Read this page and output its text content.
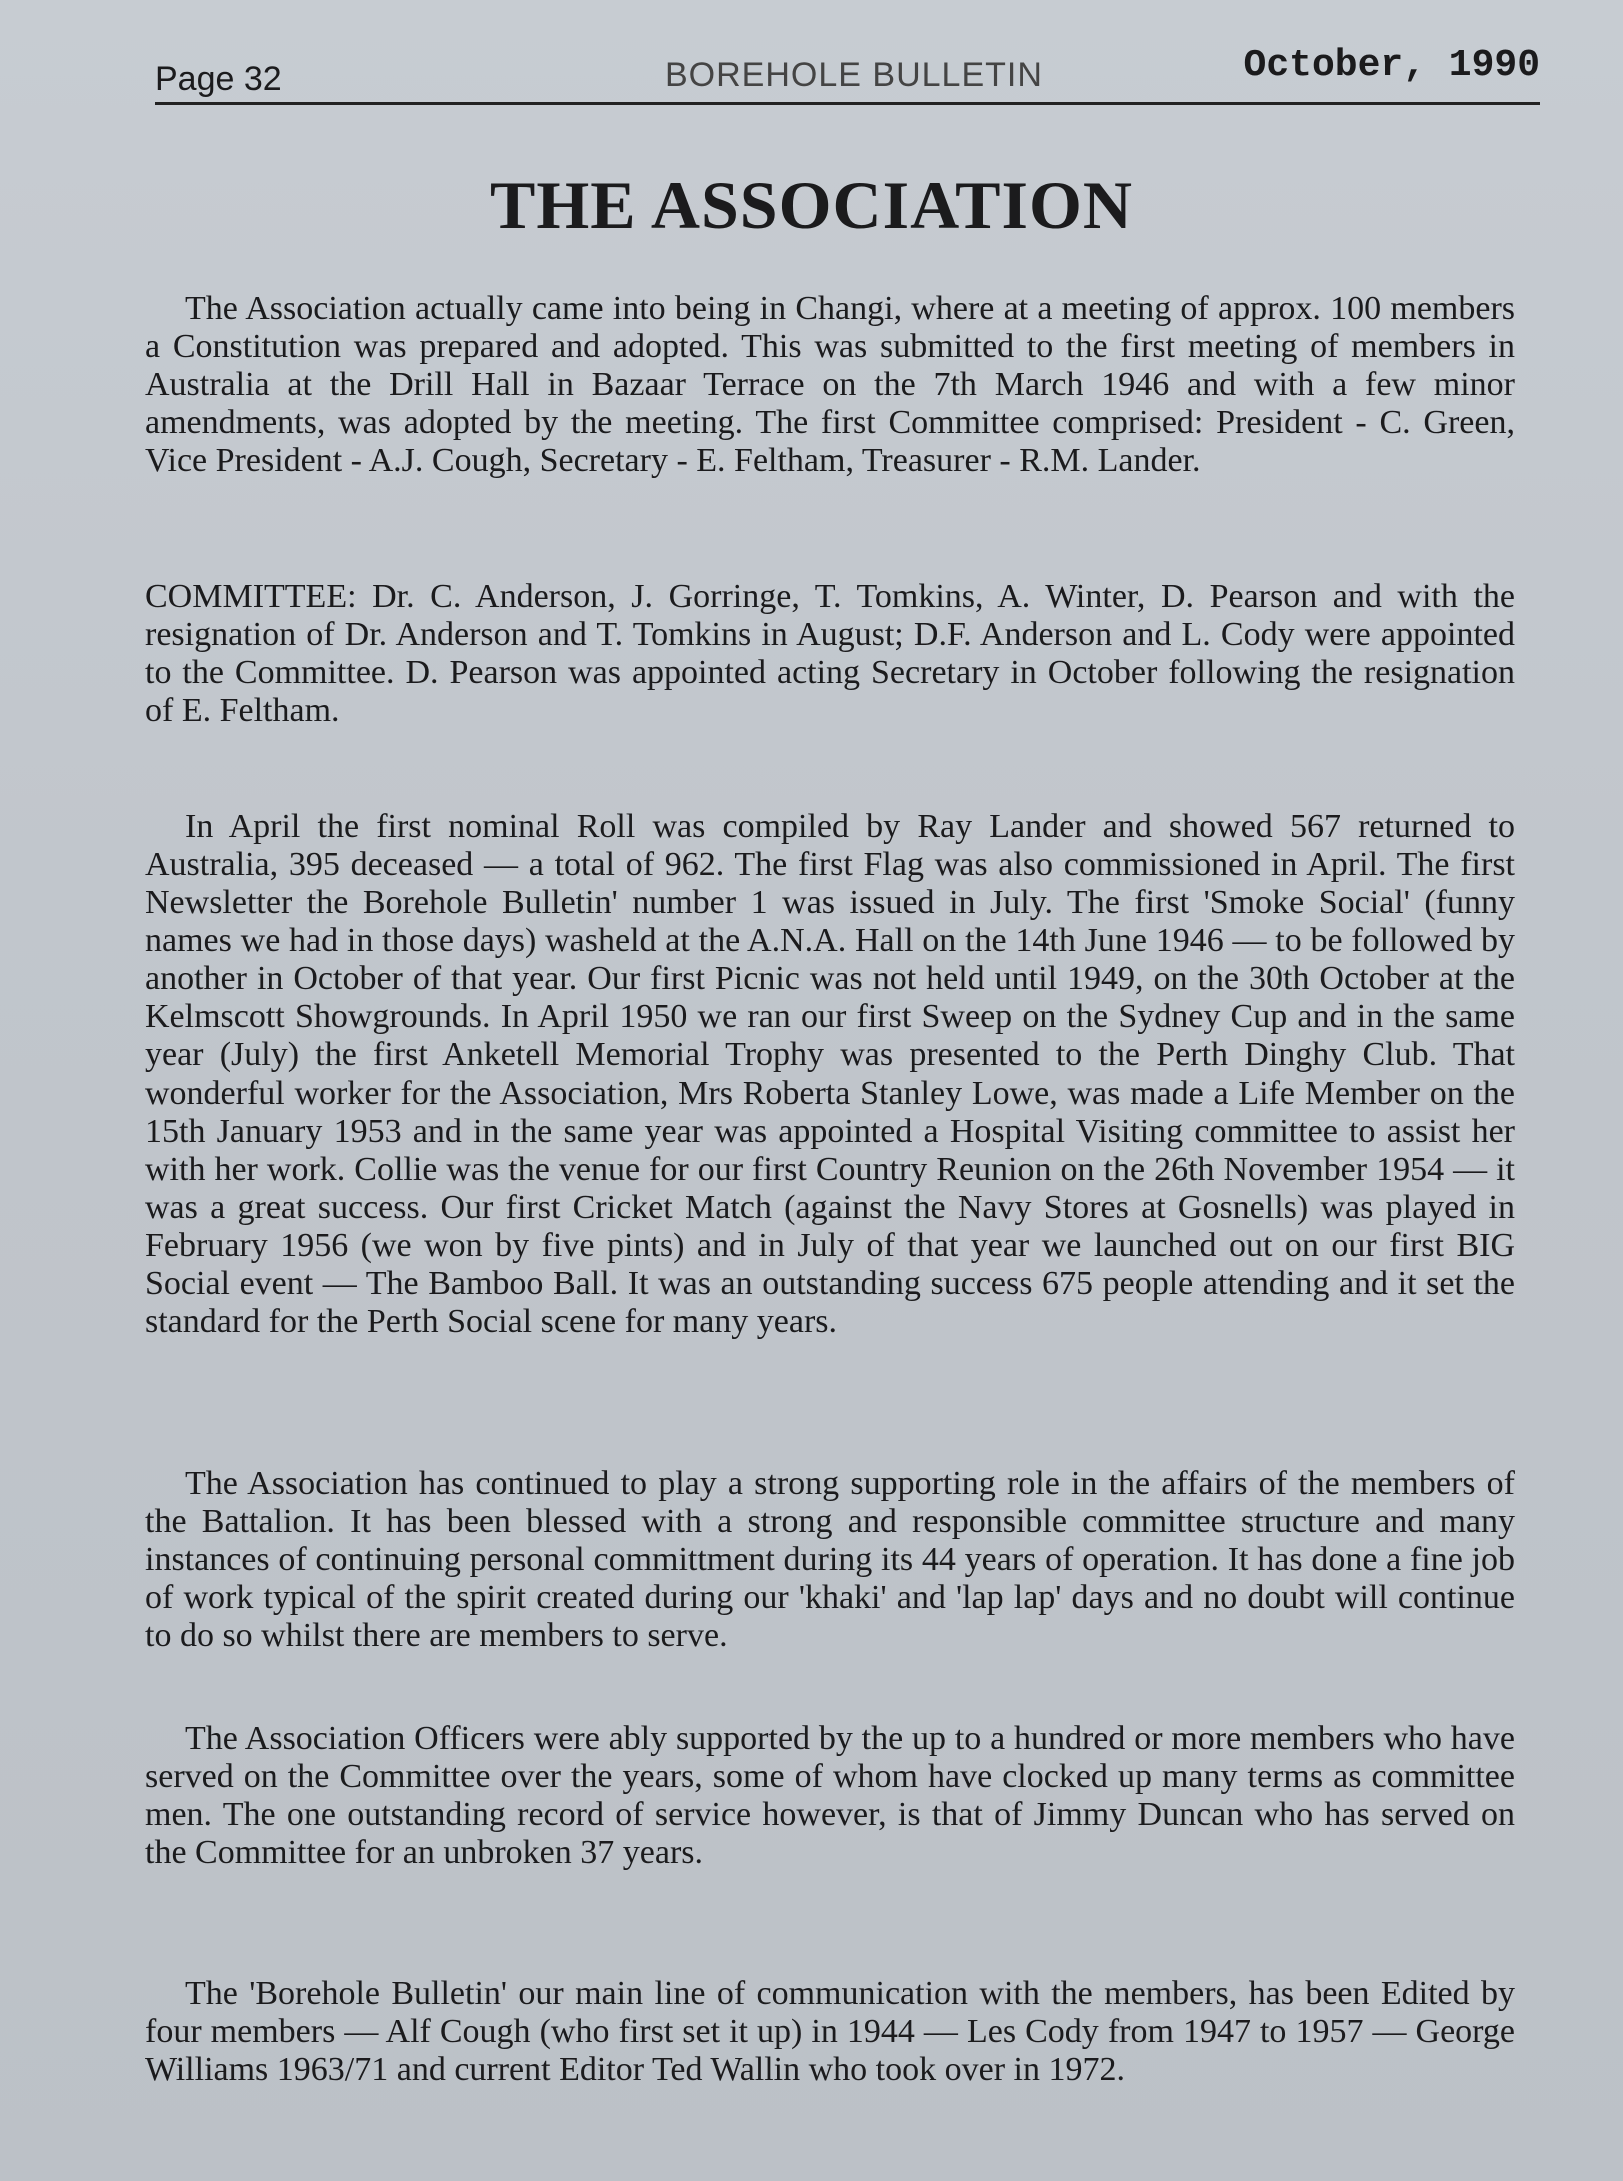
Page 32	BOREHOLE BULLETIN	October, 1990
THE ASSOCIATION

The Association actually came into being in Changi, where at a meeting of approx. 100 members a Constitution was prepared and adopted. This was submitted to the first meeting of members in Australia at the Drill Hall in Bazaar Terrace on the 7th March 1946 and with a few minor amendments, was adopted by the meeting. The first Committee comprised: President - C. Green, Vice President - A.J. Cough, Secretary - E. Feltham, Treasurer - R.M. Lander.

COMMITTEE: Dr. C. Anderson, J. Gorringe, T. Tomkins, A. Winter, D. Pearson and with the resignation of Dr. Anderson and T. Tomkins in August; D.F. Anderson and L. Cody were appointed to the Committee. D. Pearson was appointed acting Secretary in October following the resignation of E. Feltham.

In April the first nominal Roll was compiled by Ray Lander and showed 567 returned to Australia, 395 deceased — a total of 962. The first Flag was also commissioned in April. The first Newsletter the Borehole Bulletin' number 1 was issued in July. The first 'Smoke Social' (funny names we had in those days) washeld at the A.N.A. Hall on the 14th June 1946 — to be followed by another in October of that year. Our first Picnic was not held until 1949, on the 30th October at the Kelmscott Showgrounds. In April 1950 we ran our first Sweep on the Sydney Cup and in the same year (July) the first Anketell Memorial Trophy was presented to the Perth Dinghy Club. That wonderful worker for the Association, Mrs Roberta Stanley Lowe, was made a Life Member on the 15th January 1953 and in the same year was appointed a Hospital Visiting committee to assist her with her work. Collie was the venue for our first Country Reunion on the 26th November 1954 — it was a great success. Our first Cricket Match (against the Navy Stores at Gosnells) was played in February 1956 (we won by five pints) and in July of that year we launched out on our first BIG Social event — The Bamboo Ball. It was an outstanding success 675 people attending and it set the standard for the Perth Social scene for many years.

The Association has continued to play a strong supporting role in the affairs of the members of the Battalion. It has been blessed with a strong and responsible committee structure and many instances of continuing personal committment during its 44 years of operation. It has done a fine job of work typical of the spirit created during our 'khaki' and 'lap lap' days and no doubt will continue to do so whilst there are members to serve.

The Association Officers were ably supported by the up to a hundred or more members who have served on the Committee over the years, some of whom have clocked up many terms as committee men. The one outstanding record of service however, is that of Jimmy Duncan who has served on the Committee for an unbroken 37 years.

The 'Borehole Bulletin' our main line of communication with the members, has been Edited by four members — Alf Cough (who first set it up) in 1944 — Les Cody from 1947 to 1957 — George Williams 1963/71 and current Editor Ted Wallin who took over in 1972.
